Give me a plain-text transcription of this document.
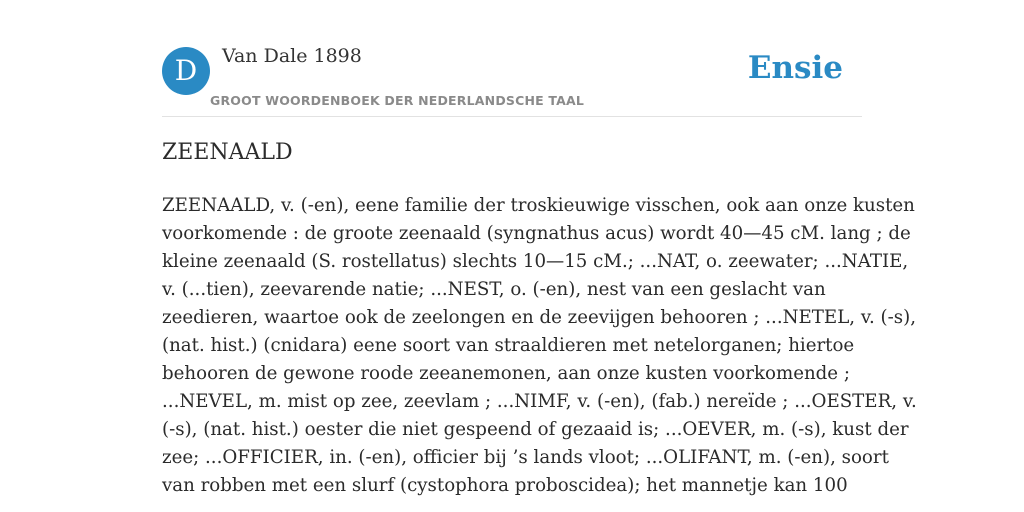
D	Van Dale 1898
GROOT WOORDENBOEK DER NEDERLANDSCHE TAAL
Ensie
ZEENAALD
ZEENAALD, v. (-en), eene familie der troskieuwige visschen, ook aan onze kusten
voorkomende : de groote zeenaald (syngnathus acus) wordt 40—45 cM. lang ; de
kleine zeenaald (S. rostellatus) slechts 10—15 cM.; ...NAT, o. zeewater; ...NATIE,
v. (...tien), zeevarende natie; ...NEST, o. (-en), nest van een geslacht van
zeedieren, waartoe ook de zeelongen en de zeevijgen behooren ; ...NETEL, v. (-s),
(nat. hist.) (cnidara) eene soort van straaldieren met netelorganen; hiertoe
behooren de gewone roode zeeanemonen, aan onze kusten voorkomende ;
...NEVEL, m. mist op zee, zeevlam ; ...NIMF, v. (-en), (fab.) nereïde ; ...OESTER, v.
(-s), (nat. hist.) oester die niet gespeend of gezaaid is; ...OEVER, m. (-s), kust der
zee; ...OFFICIER, in. (-en), officier bij ’s lands vloot; ...OLIFANT, m. (-en), soort
van robben met een slurf (cystophora proboscidea); het mannetje kan 100
